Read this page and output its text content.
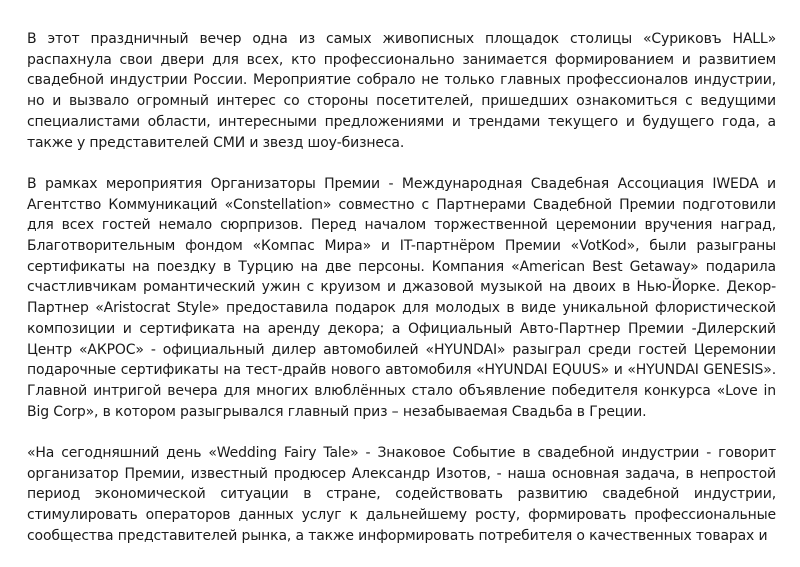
В этот праздничный вечер одна из самых живописных площадок столицы «Суриковъ HALL» распахнула свои двери для всех, кто профессионально занимается формированием и развитием свадебной индустрии России. Мероприятие собрало не только главных профессионалов индустрии, но и вызвало огромный интерес со стороны посетителей, пришедших ознакомиться с ведущими специалистами области, интересными предложениями и трендами текущего и будущего года, а также у представителей СМИ и звезд шоу-бизнеса.

В рамках мероприятия Организаторы Премии - Международная Свадебная Ассоциация IWEDA и Агентство Коммуникаций «Constellation» совместно с Партнерами Свадебной Премии подготовили для всех гостей немало сюрпризов. Перед началом торжественной церемонии вручения наград, Благотворительным фондом «Компас Мира» и IT-партнёром Премии «VotKod», были разыграны сертификаты на поездку в Турцию на две персоны. Компания «American Best Getaway» подарила счастливчикам романтический ужин с круизом и джазовой музыкой на двоих в Нью-Йорке. Декор-Партнер «Aristocrat Style» предоставила подарок для молодых в виде уникальной флористической композиции и сертификата на аренду декора; а Официальный Авто-Партнер Премии -Дилерский Центр «АКРОС» - официальный дилер автомобилей «HYUNDAI» разыграл среди гостей Церемонии подарочные сертификаты на тест-драйв нового автомобиля «HYUNDAI EQUUS» и «HYUNDAI GENESIS». Главной интригой вечера для многих влюблённых стало объявление победителя конкурса «Love in Big Corp», в котором разыгрывался главный приз – незабываемая Свадьба в Греции.

«На сегодняшний день «Wedding Fairy Tale» - Знаковое Событие в свадебной индустрии - говорит организатор Премии, известный продюсер Александр Изотов, - наша основная задача, в непростой период экономической ситуации в стране, содействовать развитию свадебной индустрии, стимулировать операторов данных услуг к дальнейшему росту, формировать профессиональные сообщества представителей рынка, а также информировать потребителя о качественных товарах и
